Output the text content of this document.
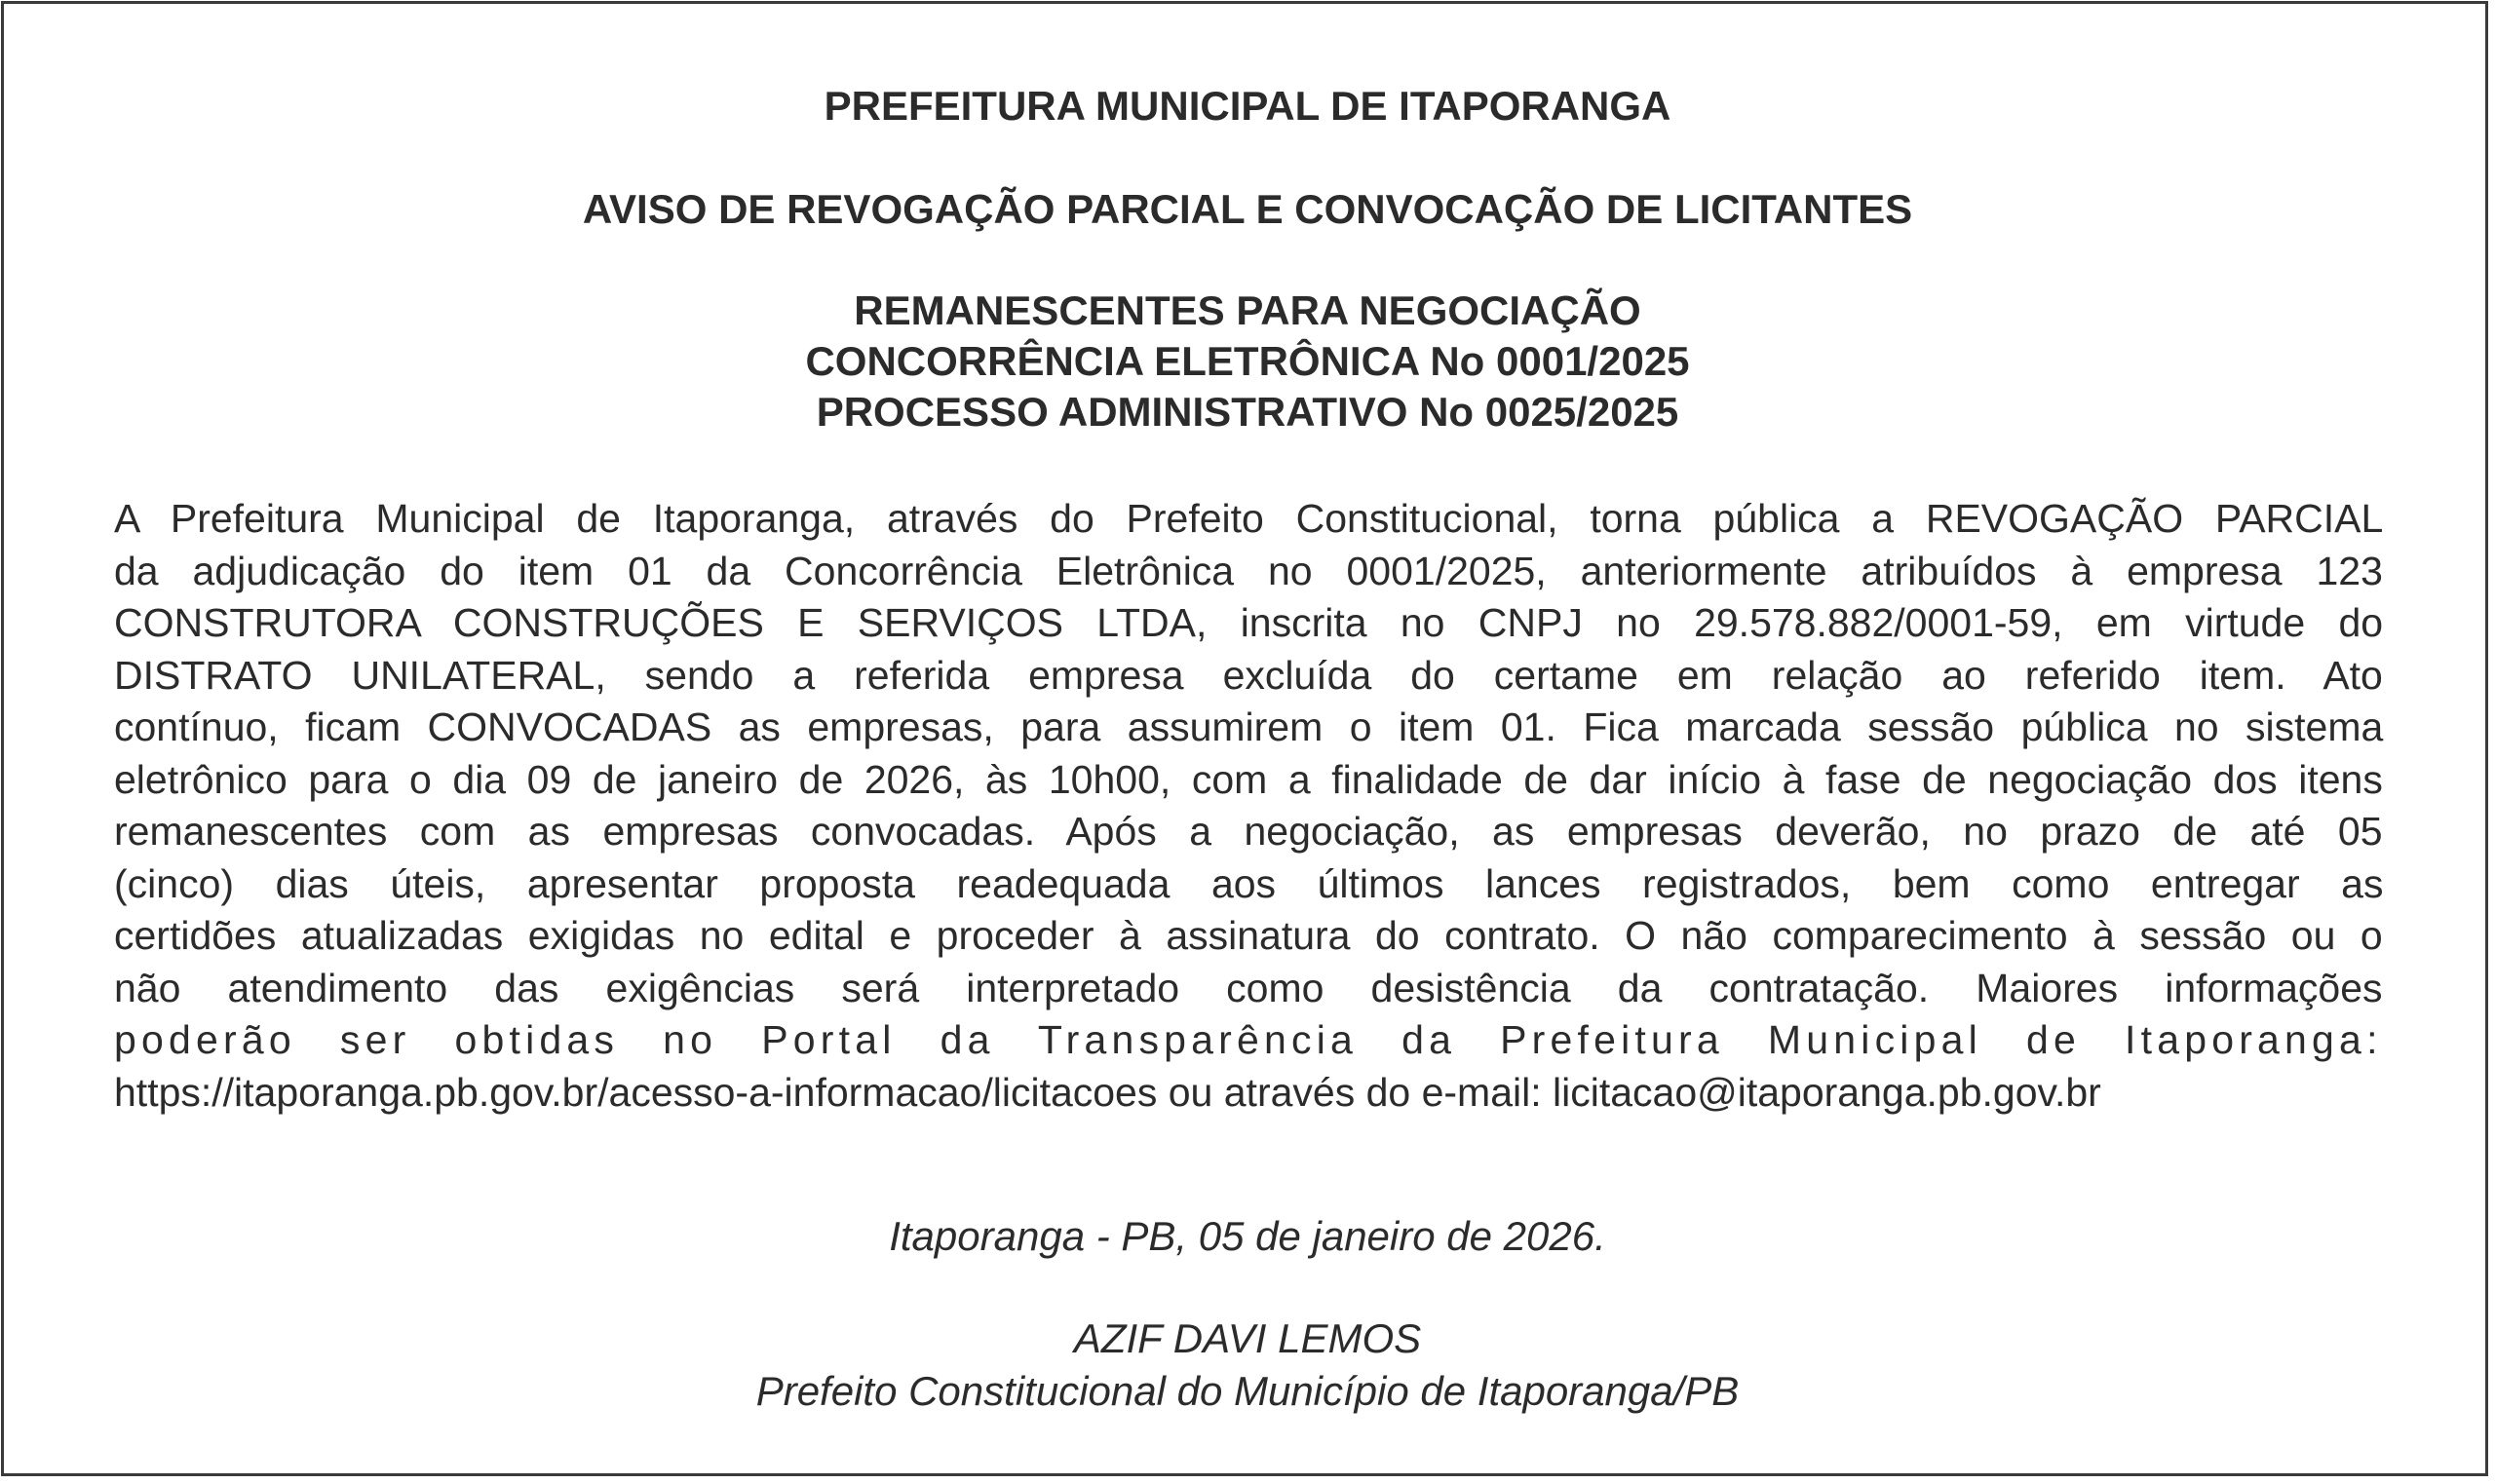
PREFEITURA MUNICIPAL DE ITAPORANGA

AVISO DE REVOGAÇÃO PARCIAL E CONVOCAÇÃO DE LICITANTES

REMANESCENTES PARA NEGOCIAÇÃO
CONCORRÊNCIA ELETRÔNICA No 0001/2025
PROCESSO ADMINISTRATIVO No 0025/2025
A Prefeitura Municipal de Itaporanga, através do Prefeito Constitucional, torna pública a REVOGAÇÃO PARCIAL
da adjudicação do item 01 da Concorrência Eletrônica no 0001/2025, anteriormente atribuídos à empresa 123
CONSTRUTORA CONSTRUÇÕES E SERVIÇOS LTDA, inscrita no CNPJ no 29.578.882/0001-59, em virtude do
DISTRATO UNILATERAL, sendo a referida empresa excluída do certame em relação ao referido item. Ato
contínuo, ficam CONVOCADAS as empresas, para assumirem o item 01. Fica marcada sessão pública no sistema
eletrônico para o dia 09 de janeiro de 2026, às 10h00, com a finalidade de dar início à fase de negociação dos itens
remanescentes com as empresas convocadas. Após a negociação, as empresas deverão, no prazo de até 05
(cinco) dias úteis, apresentar proposta readequada aos últimos lances registrados, bem como entregar as
certidões atualizadas exigidas no edital e proceder à assinatura do contrato. O não comparecimento à sessão ou o
não atendimento das exigências será interpretado como desistência da contratação. Maiores informações
poderão ser obtidas no Portal da Transparência da Prefeitura Municipal de Itaporanga:
https://itaporanga.pb.gov.br/acesso-a-informacao/licitacoes ou através do e-mail: licitacao@itaporanga.pb.gov.br

Itaporanga - PB, 05 de janeiro de 2026.

AZIF DAVI LEMOS

Prefeito Constitucional do Município de Itaporanga/PB
